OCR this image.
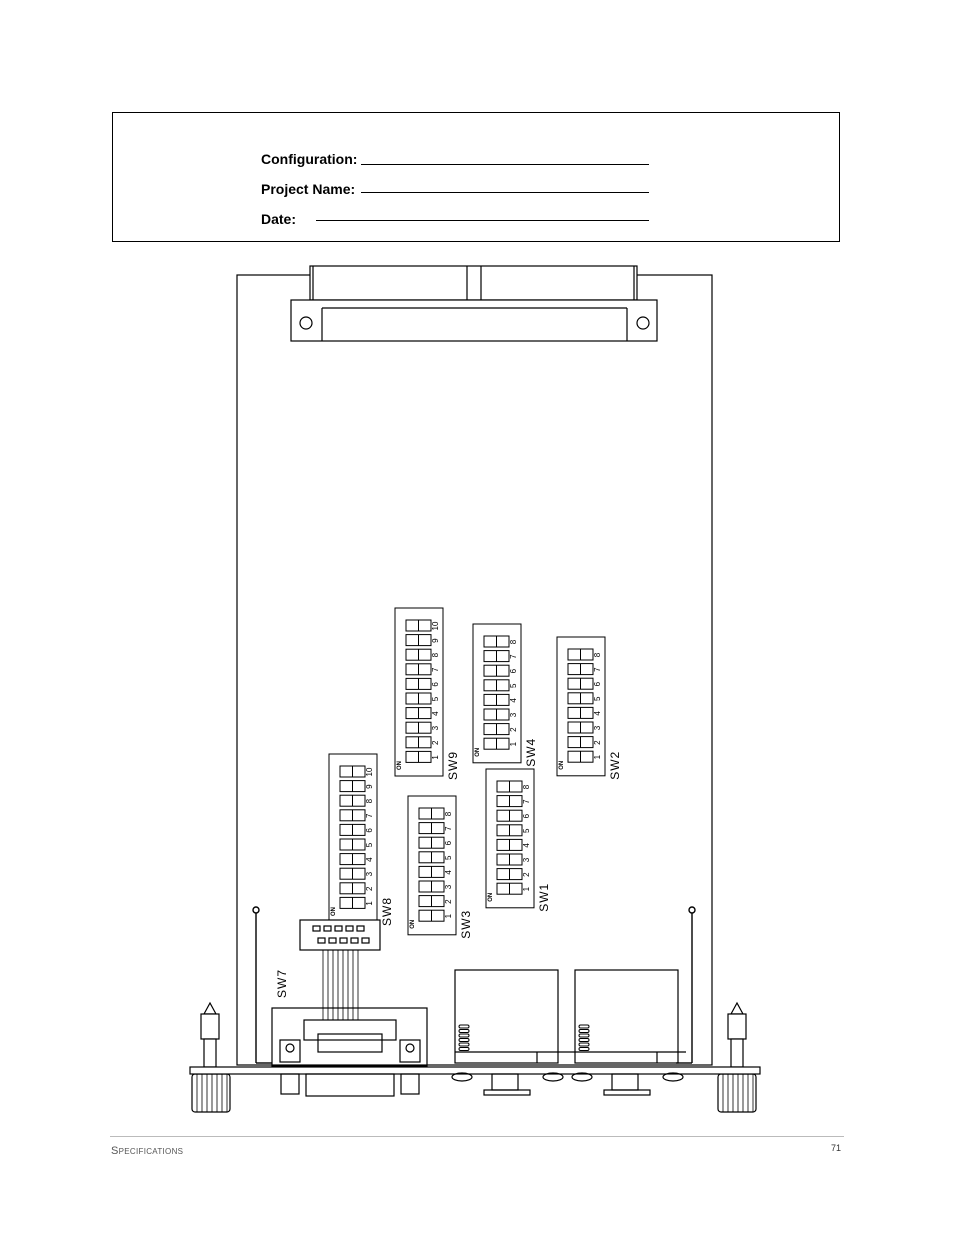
Configuration:
Project Name:
Date:
1
2
3
4
5
6
7
8
9
10
ON	SW9
1
2
3
4
5
6
7
8
ON	SW4	1
2
3
4
5
6
7
8
ON	SW2
1
2
3
4
5
6
7
8
9
10
ON	SW8	1
2
3
4
5
6
7
8
ON	SW3
1
2
3
4
5
6
7
8
ON	SW1
SW7
Specifications	71
